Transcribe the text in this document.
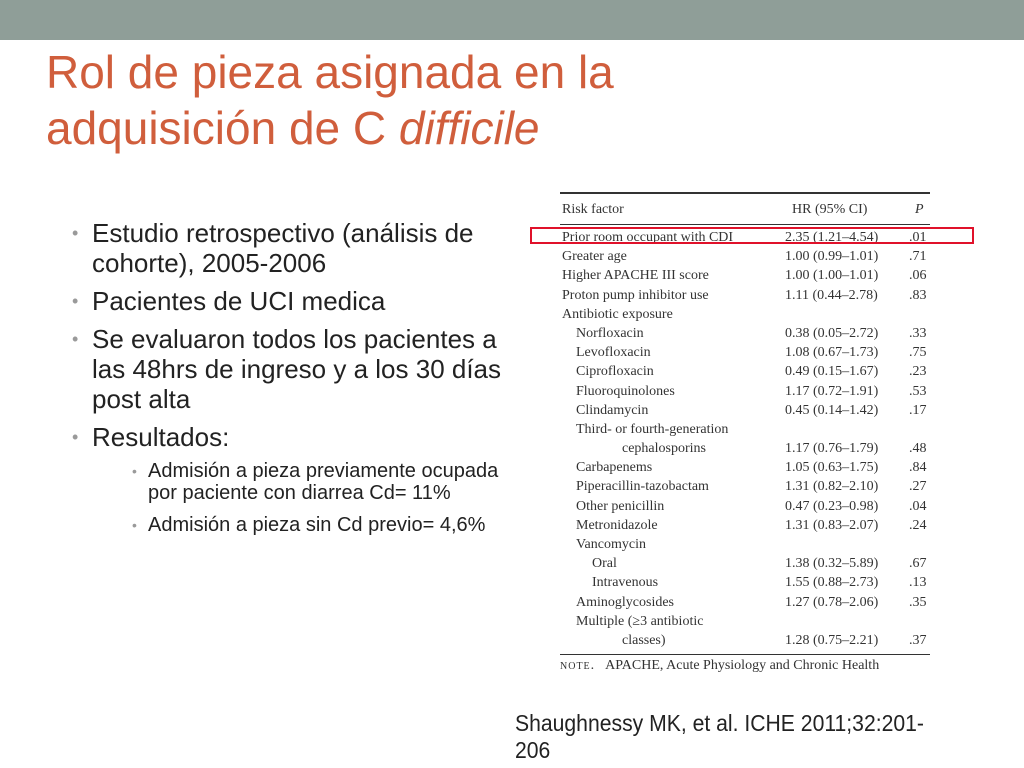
Rol de pieza asignada en la adquisición de C difficile
• Estudio retrospectivo (análisis de cohorte), 2005-2006
• Pacientes de UCI medica
• Se evaluaron todos los pacientes a las 48hrs de ingreso y a los 30 días post alta
• Resultados:
• Admisión a pieza previamente ocupada por paciente con diarrea Cd= 11%
• Admisión a pieza sin Cd previo= 4,6%
Risk factor	HR (95% CI)	P
Prior room occupant with CDI	2.35 (1.21–4.54) .01
Greater age	1.00 (0.99–1.01) .71
Higher APACHE III score	1.00 (1.00–1.01) .06
Proton pump inhibitor use	1.11 (0.44–2.78) .83
Antibiotic exposure
Norfloxacin	0.38 (0.05–2.72) .33
Levofloxacin	1.08 (0.67–1.73) .75
Ciprofloxacin	0.49 (0.15–1.67) .23
Fluoroquinolones	1.17 (0.72–1.91) .53
Clindamycin	0.45 (0.14–1.42) .17
Third- or fourth-generation
cephalosporins	1.17 (0.76–1.79) .48
Carbapenems	1.05 (0.63–1.75) .84
Piperacillin-tazobactam	1.31 (0.82–2.10) .27
Other penicillin	0.47 (0.23–0.98) .04
Metronidazole	1.31 (0.83–2.07) .24
Vancomycin
Oral	1.38 (0.32–5.89) .67
Intravenous	1.55 (0.88–2.73) .13
Aminoglycosides	1.27 (0.78–2.06) .35
Multiple (≥3 antibiotic
classes)	1.28 (0.75–2.21) .37
note. APACHE, Acute Physiology and Chronic Health
Shaughnessy MK, et al. ICHE 2011;32:201-206
